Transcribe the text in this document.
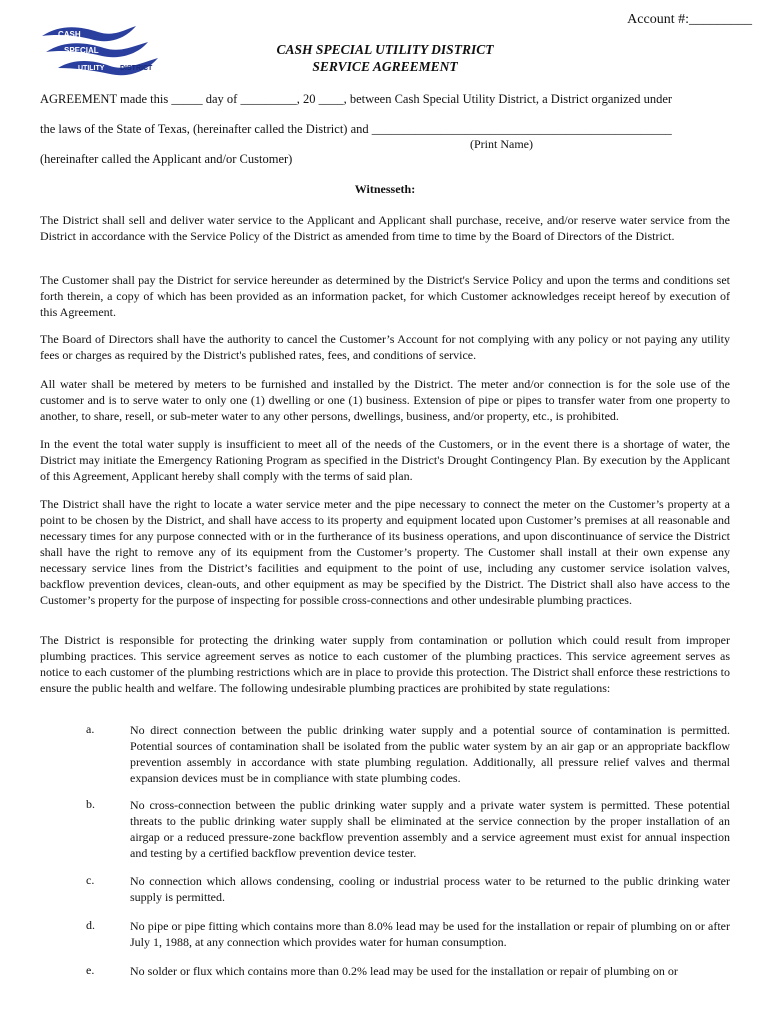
Account #:_________
CASH
SPECIAL
UTILITY DISTRICT
CASH SPECIAL UTILITY DISTRICT
SERVICE AGREEMENT
AGREEMENT made this _____ day of _________, 20 ____, between Cash Special Utility District, a District organized under
the laws of the State of Texas, (hereinafter called the District) and ________________________________________________
(Print Name)
(hereinafter called the Applicant and/or Customer)
Witnesseth:

The District shall sell and deliver water service to the Applicant and Applicant shall purchase, receive, and/or reserve water service from the District in accordance with the Service Policy of the District as amended from time to time by the Board of Directors of the District.

The Customer shall pay the District for service hereunder as determined by the District's Service Policy and upon the terms and conditions set forth therein, a copy of which has been provided as an information packet, for which Customer acknowledges receipt hereof by execution of this Agreement.

The Board of Directors shall have the authority to cancel the Customer’s Account for not complying with any policy or not paying any utility fees or charges as required by the District's published rates, fees, and conditions of service.

All water shall be metered by meters to be furnished and installed by the District. The meter and/or connection is for the sole use of the customer and is to serve water to only one (1) dwelling or one (1) business. Extension of pipe or pipes to transfer water from one property to another, to share, resell, or sub-meter water to any other persons, dwellings, business, and/or property, etc., is prohibited.

In the event the total water supply is insufficient to meet all of the needs of the Customers, or in the event there is a shortage of water, the District may initiate the Emergency Rationing Program as specified in the District's Drought Contingency Plan. By execution by the Applicant of this Agreement, Applicant hereby shall comply with the terms of said plan.

The District shall have the right to locate a water service meter and the pipe necessary to connect the meter on the Customer’s property at a point to be chosen by the District, and shall have access to its property and equipment located upon Customer’s premises at all reasonable and necessary times for any purpose connected with or in the furtherance of its business operations, and upon discontinuance of service the District shall have the right to remove any of its equipment from the Customer’s property. The Customer shall install at their own expense any necessary service lines from the District’s facilities and equipment to the point of use, including any customer service isolation valves, backflow prevention devices, clean-outs, and other equipment as may be specified by the District. The District shall also have access to the Customer’s property for the purpose of inspecting for possible cross-connections and other undesirable plumbing practices.

The District is responsible for protecting the drinking water supply from contamination or pollution which could result from improper plumbing practices. This service agreement serves as notice to each customer of the plumbing practices. This service agreement serves as notice to each customer of the plumbing restrictions which are in place to provide this protection. The District shall enforce these restrictions to ensure the public health and welfare. The following undesirable plumbing practices are prohibited by state regulations:

a.	No direct connection between the public drinking water supply and a potential source of contamination is permitted. Potential sources of contamination shall be isolated from the public water system by an air gap or an appropriate backflow prevention assembly in accordance with state plumbing regulation. Additionally, all pressure relief valves and thermal expansion devices must be in compliance with state plumbing codes.

b.	No cross-connection between the public drinking water supply and a private water system is permitted. These potential threats to the public drinking water supply shall be eliminated at the service connection by the proper installation of an airgap or a reduced pressure-zone backflow prevention assembly and a service agreement must exist for annual inspection and testing by a certified backflow prevention device tester.

c.	No connection which allows condensing, cooling or industrial process water to be returned to the public drinking water supply is permitted.

d.	No pipe or pipe fitting which contains more than 8.0% lead may be used for the installation or repair of plumbing on or after July 1, 1988, at any connection which provides water for human consumption.

e.	No solder or flux which contains more than 0.2% lead may be used for the installation or repair of plumbing on or
